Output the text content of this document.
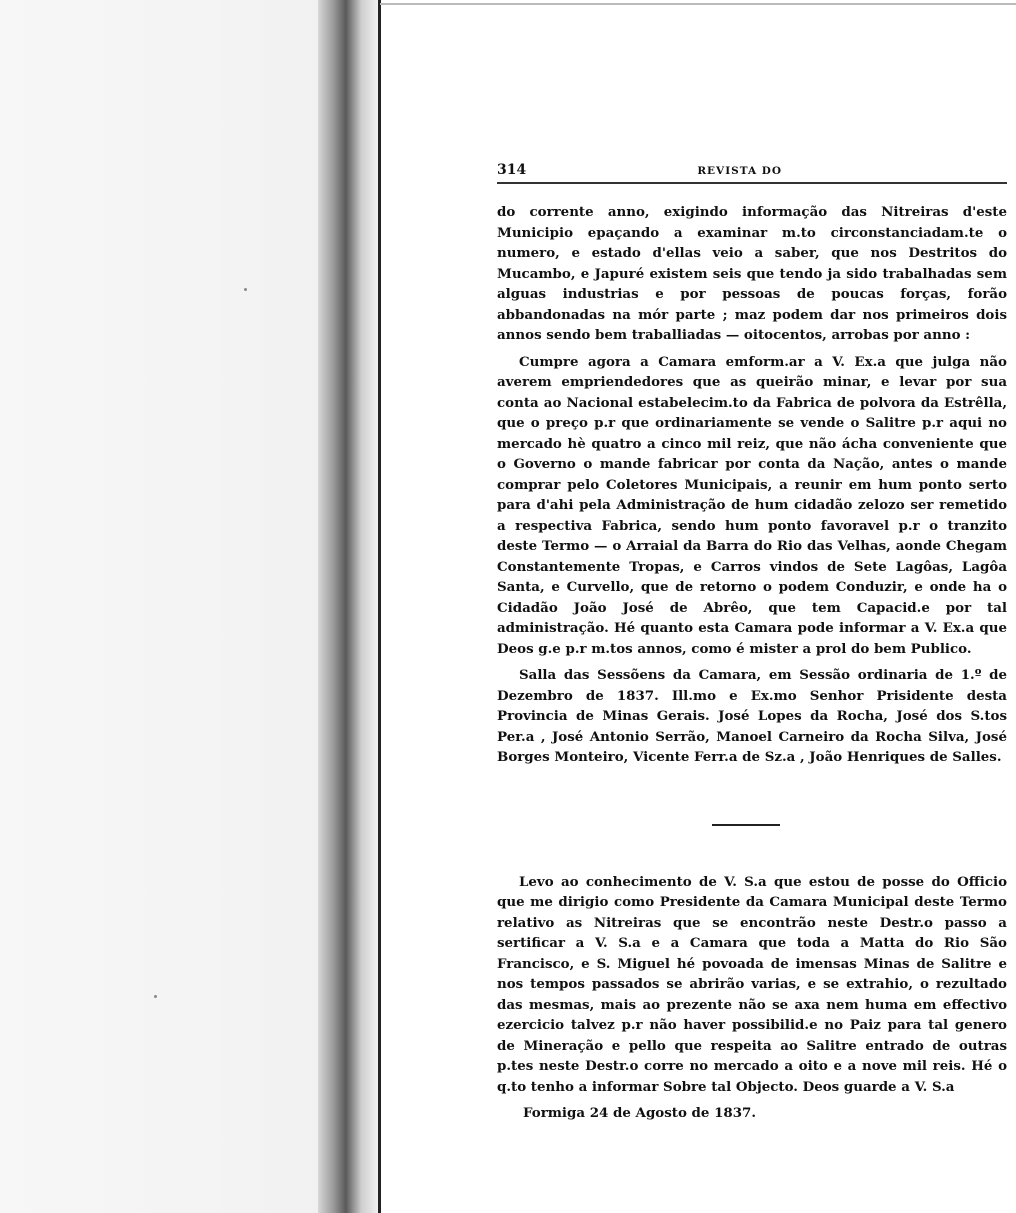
314	REVISTA DO

do corrente anno, exigindo informação das Nitreiras d'este Municipio epaçando a examinar m.to circonstanciadam.te o numero, e estado d'ellas veio a saber, que nos Destritos do Mucambo, e Japuré existem seis que tendo ja sido trabalhadas sem alguas industrias e por pessoas de poucas forças, forão abbandonadas na mór parte ; maz podem dar nos primeiros dois annos sendo bem traballiadas — oitocentos, arrobas por anno :

Cumpre agora a Camara emform.ar a V. Ex.a que julga não averem empriendedores que as queirão minar, e levar por sua conta ao Nacional estabelecim.to da Fabrica de polvora da Estrêlla, que o preço p.r que ordinariamente se vende o Salitre p.r aqui no mercado hè quatro a cinco mil reiz, que não ácha conveniente que o Governo o mande fabricar por conta da Nação, antes o mande comprar pelo Coletores Municipais, a reunir em hum ponto serto para d'ahi pela Administração de hum cidadão zelozo ser remetido a respectiva Fabrica, sendo hum ponto favoravel p.r o tranzito deste Termo — o Arraial da Barra do Rio das Velhas, aonde Chegam Constantemente Tropas, e Carros vindos de Sete Lagôas, Lagôa Santa, e Curvello, que de retorno o podem Conduzir, e onde ha o Cidadão João José de Abrêo, que tem Capacid.e por tal administração. Hé quanto esta Camara pode informar a V. Ex.a que Deos g.e p.r m.tos annos, como é mister a prol do bem Publico.

Salla das Sessõens da Camara, em Sessão ordinaria de 1.º de Dezembro de 1837. Ill.mo e Ex.mo Senhor Prisidente desta Provincia de Minas Gerais. José Lopes da Rocha, José dos S.tos Per.a , José Antonio Serrão, Manoel Carneiro da Rocha Silva, José Borges Monteiro, Vicente Ferr.a de Sz.a , João Henriques de Salles.

Levo ao conhecimento de V. S.a que estou de posse do Officio que me dirigio como Presidente da Camara Municipal deste Termo relativo as Nitreiras que se encontrão neste Destr.o passo a sertificar a V. S.a e a Camara que toda a Matta do Rio São Francisco, e S. Miguel hé povoada de imensas Minas de Salitre e nos tempos passados se abrirão varias, e se extrahio, o rezultado das mesmas, mais ao prezente não se axa nem huma em effectivo ezercicio talvez p.r não haver possibilid.e no Paiz para tal genero de Mineração e pello que respeita ao Salitre entrado de outras p.tes neste Destr.o corre no mercado a oito e a nove mil reis. Hé o q.to tenho a informar Sobre tal Objecto. Deos guarde a V. S.a

Formiga 24 de Agosto de 1837.
